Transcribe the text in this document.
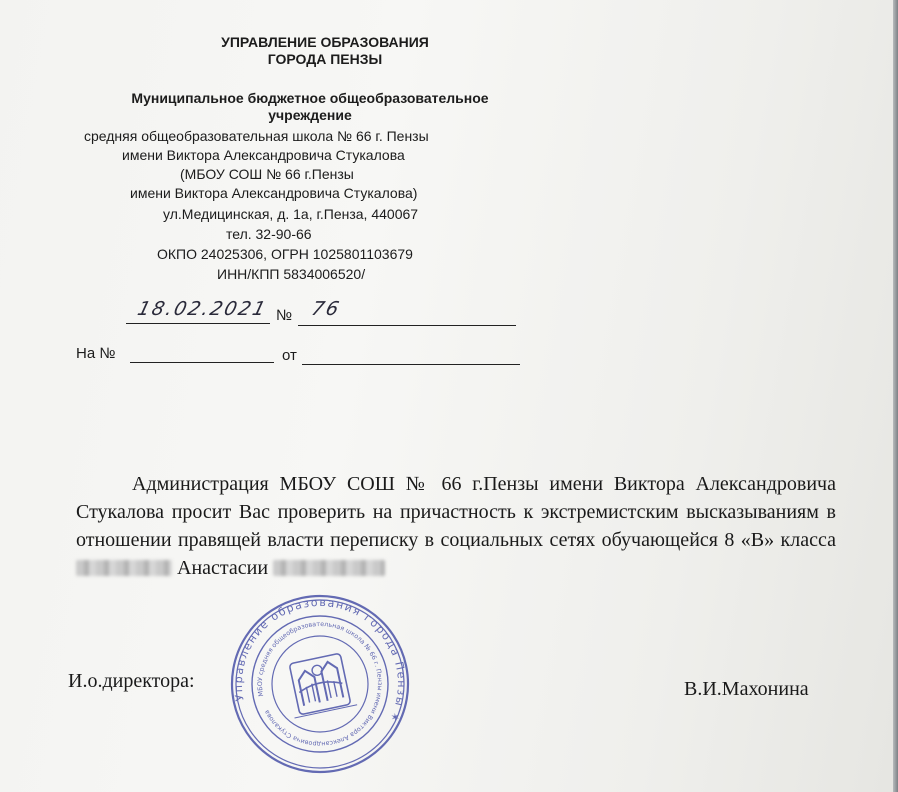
УПРАВЛЕНИЕ ОБРАЗОВАНИЯ
ГОРОДА ПЕНЗЫ
Муниципальное бюджетное общеобразовательное
учреждение
средняя общеобразовательная школа № 66 г. Пензы
имени Виктора Александровича Стукалова
(МБОУ СОШ № 66 г.Пензы
имени Виктора Александровича Стукалова)
ул.Медицинская, д. 1а, г.Пенза, 440067
тел. 32-90-66
ОКПО 24025306, ОГРН 1025801103679
ИНН/КПП 5834006520/
18.02.2021 № 76
На №	от

Администрация МБОУ СОШ № 66 г.Пензы имени Виктора Александровича Стукалова просит Вас проверить на причастность к экстремистским высказываниям в отношении правящей власти переписку в социальных сетях обучающейся 8 «В» класса  Анастасии

И.о.директора:	В.И.Махонина
Управление образования города Пензы ✶
МБОУ средняя общеобразовательная школа № 66 г. Пензы имени Виктора Александровича Стукалова
